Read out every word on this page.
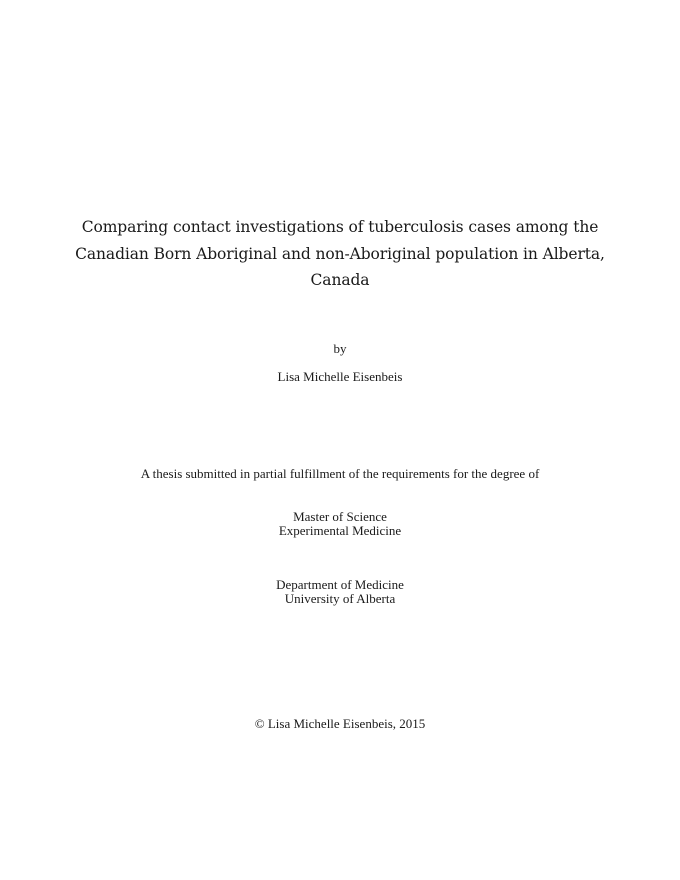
Comparing contact investigations of tuberculosis cases among the
Canadian Born Aboriginal and non-Aboriginal population in Alberta,
Canada
by
Lisa Michelle Eisenbeis
A thesis submitted in partial fulfillment of the requirements for the degree of
Master of Science
Experimental Medicine
Department of Medicine
University of Alberta
© Lisa Michelle Eisenbeis, 2015
